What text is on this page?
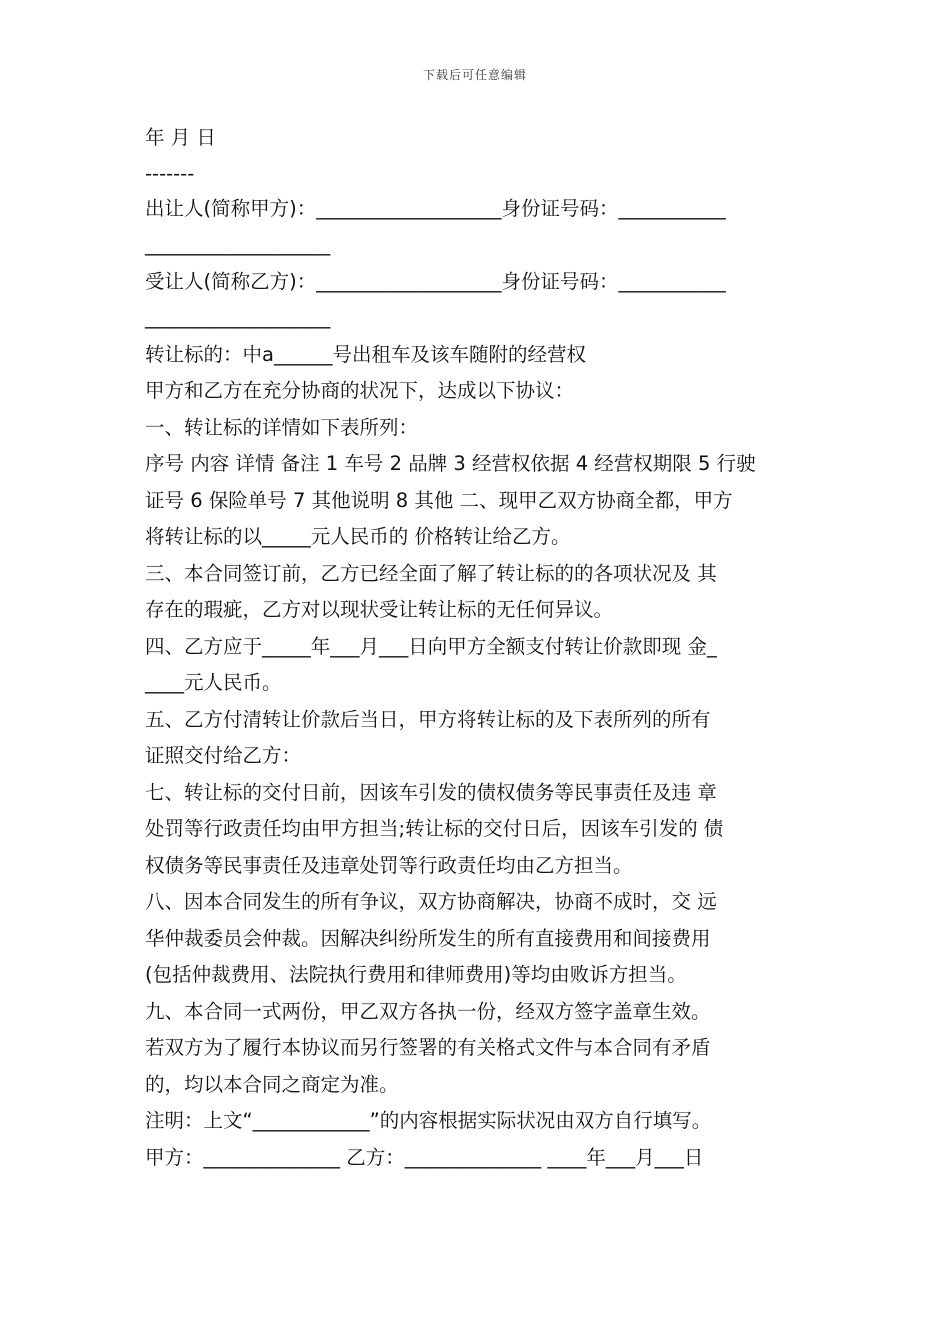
下载后可任意编辑
年 月 日
-------
出让人(简称甲方)：___________________身份证号码：___________
___________________
受让人(简称乙方)：___________________身份证号码：___________
___________________
转让标的：中a______号出租车及该车随附的经营权
甲方和乙方在充分协商的状况下，达成以下协议：
一、转让标的详情如下表所列：
序号 内容 详情 备注 1 车号 2 品牌 3 经营权依据 4 经营权期限 5 行驶
证号 6 保险单号 7 其他说明 8 其他 二、现甲乙双方协商全都，甲方
将转让标的以_____元人民币的 价格转让给乙方。
三、本合同签订前，乙方已经全面了解了转让标的的各项状况及 其
存在的瑕疵，乙方对以现状受让转让标的无任何异议。
四、乙方应于_____年___月___日向甲方全额支付转让价款即现 金_
____元人民币。
五、乙方付清转让价款后当日，甲方将转让标的及下表所列的所有
证照交付给乙方：
七、转让标的交付日前，因该车引发的债权债务等民事责任及违 章
处罚等行政责任均由甲方担当;转让标的交付日后，因该车引发的 债
权债务等民事责任及违章处罚等行政责任均由乙方担当。
八、因本合同发生的所有争议，双方协商解决，协商不成时，交 远
华仲裁委员会仲裁。因解决纠纷所发生的所有直接费用和间接费用
(包括仲裁费用、法院执行费用和律师费用)等均由败诉方担当。
九、本合同一式两份，甲乙双方各执一份，经双方签字盖章生效。
若双方为了履行本协议而另行签署的有关格式文件与本合同有矛盾
的，均以本合同之商定为准。
注明：上文“____________”的内容根据实际状况由双方自行填写。
甲方：______________ 乙方：______________ ____年___月___日
